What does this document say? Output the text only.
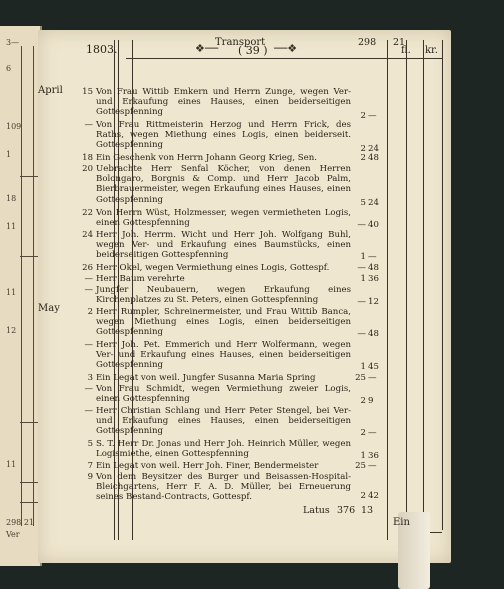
3—
6
109
1
18
11
11
12
11
298 21
Ver
1803.	❖── ( 39 ) ──❖	fl. kr.
Transport	298 21
April
May
15 Von Frau Wittib Emkern und Herrn Zunge, wegen Ver- und Erkaufung eines Hauses, einen beiderseitigen Gottespfenning	2 —
— Von Frau Rittmeisterin Herzog und Herrn Frick, des Raths, wegen Miethung eines Logis, einen beiderseit. Gottespfenning	2 24
18 Ein Geschenk von Herrn Johann Georg Krieg, Sen.	2 48
20 Uebrachte Herr Senfal Köcher, von denen Herren Bolongaro, Borgnis & Comp. und Herr Jacob Palm, Bierbrauermeister, wegen Erkaufung eines Hauses, einen Gottespfenning	5 24
22 Von Herrn Wüst, Holzmesser, wegen vermietheten Logis, einen Gottespfenning	— 40
24 Herr Joh. Herrm. Wicht und Herr Joh. Wolfgang Buhl, wegen Ver- und Erkaufung eines Baumstücks, einen beiderseitigen Gottespfenning	1 —
26 Herr Okel, wegen Vermiethung eines Logis, Gottespf.	— 48
— Herr Baum verehrte	1 36
— Jungfer Neubauern, wegen Erkaufung eines Kirchenplatzes zu St. Peters, einen Gottespfenning	— 12
2 Herr Rumpler, Schreinermeister, und Frau Wittib Banca, wegen Miethung eines Logis, einen beiderseitigen Gottespfenning	— 48
— Herr Joh. Pet. Emmerich und Herr Wolfermann, wegen Ver- und Erkaufung eines Hauses, einen beiderseitigen Gottespfenning	1 45
3 Ein Legat von weil. Jungfer Susanna Maria Spring	25 —
— Von Frau Schmidt, wegen Vermiethung zweier Logis, einen Gottespfenning	2 9
— Herr Christian Schlang und Herr Peter Stengel, bei Ver- und Erkaufung eines Hauses, einen beiderseitigen Gottespfenning	2 —
5 S. T. Herr Dr. Jonas und Herr Joh. Heinrich Müller, wegen Logismiethe, einen Gottespfenning	1 36
7 Ein Legat von weil. Herr Joh. Finer, Bendermeister	25 —
9 Von dem Beysitzer des Burger und Beisassen-Hospital-Bleichgartens, Herr F. A. D. Müller, bei Erneuerung seines Bestand-Contracts, Gottespf.	2 42
Latus 376 13
Ein
